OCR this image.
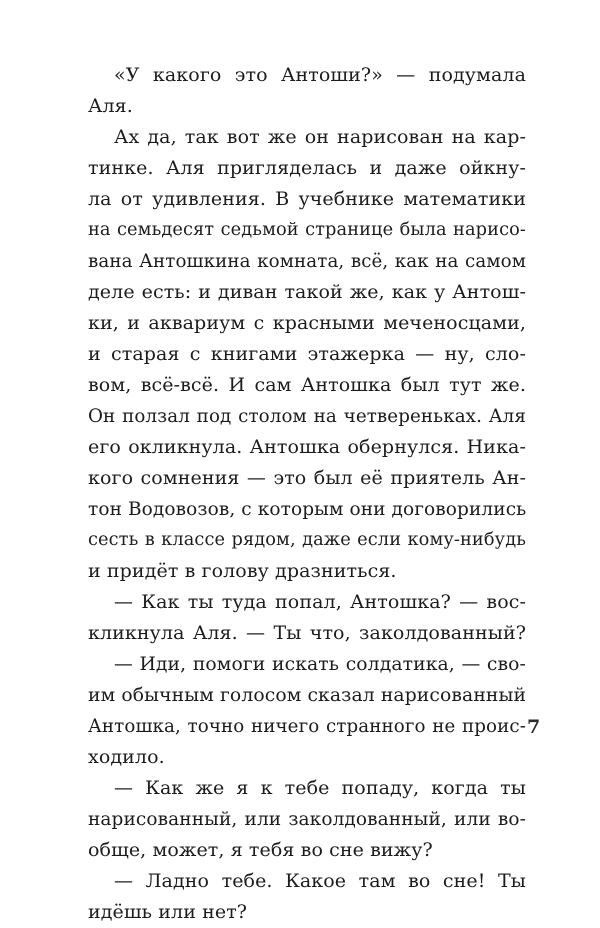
«У какого это Антоши?» — подумала
Аля.
Ах да, так вот же он нарисован на кар-
тинке. Аля пригляделась и даже ойкну-
ла от удивления. В учебнике математики
на семьдесят седьмой странице была нарисо-
вана Антошкина комната, всё, как на самом
деле есть: и диван такой же, как у Антош-
ки, и аквариум с красными меченосцами,
и старая с книгами этажерка — ну, сло-
вом, всё-всё. И сам Антошка был тут же.
Он ползал под столом на четвереньках. Аля
его окликнула. Антошка обернулся. Ника-
кого сомнения — это был её приятель Ан-
тон Водовозов, с которым они договорились
сесть в классе рядом, даже если кому-нибудь
и придёт в голову дразниться.
— Как ты туда попал, Антошка? — вос-
кликнула Аля. — Ты что, заколдованный?
— Иди, помоги искать солдатика, — сво-
им обычным голосом сказал нарисованный
Антошка, точно ничего странного не проис-
ходило.
— Как же я к тебе попаду, когда ты
нарисованный, или заколдованный, или во-
обще, может, я тебя во сне вижу?
— Ладно тебе. Какое там во сне! Ты
идёшь или нет?
7
